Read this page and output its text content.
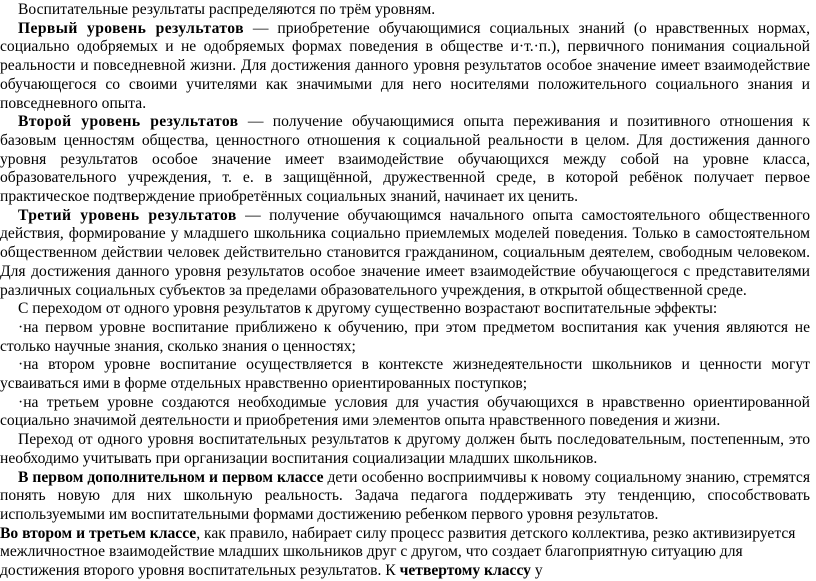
Воспитательные результаты распределяются по трём уровням.

Первый уровень результатов — приобретение обучающимися социальных знаний (о нравственных нормах, социально одобряемых и не одобряемых формах поведения в обществе и·т.·п.), первичного понимания социальной реальности и повседневной жизни. Для достижения данного уровня результатов особое значение имеет взаимодействие обучающегося со своими учителями как значимыми для него носителями положительного социального знания и повседневного опыта.

Второй уровень результатов — получение обучающимися опыта переживания и позитивного отношения к базовым ценностям общества, ценностного отношения к социальной реальности в целом. Для достижения данного уровня результатов особое значение имеет взаимодействие обучающихся между собой на уровне класса, образовательного учреждения, т. е. в защищённой, дружественной среде, в которой ребёнок получает первое практическое подтверждение приобретённых социальных знаний, начинает их ценить.

Третий уровень результатов — получение обучающимся начального опыта самостоятельного общественного действия, формирование у младшего школьника социально приемлемых моделей поведения. Только в самостоятельном общественном действии человек действительно становится гражданином, социальным деятелем, свободным человеком. Для достижения данного уровня результатов особое значение имеет взаимодействие обучающегося с представителями различных социальных субъектов за пределами образовательного учреждения, в открытой общественной среде.

С переходом от одного уровня результатов к другому существенно возрастают воспитательные эффекты:

·на первом уровне воспитание приближено к обучению, при этом предметом воспитания как учения являются не столько научные знания, сколько знания о ценностях;

·на втором уровне воспитание осуществляется в контексте жизнедеятельности школьников и ценности могут усваиваться ими в форме отдельных нравственно ориентированных поступков;

·на третьем уровне создаются необходимые условия для участия обучающихся в нравственно ориентированной социально значимой деятельности и приобретения ими элементов опыта нравственного поведения и жизни.

Переход от одного уровня воспитательных результатов к другому должен быть последовательным, постепенным, это необходимо учитывать при организации воспитания социализации младших школьников.

В первом дополнительном и первом классе дети особенно восприимчивы к новому социальному знанию, стремятся понять новую для них школьную реальность. Задача педагога поддерживать эту тенденцию, способствовать используемыми им воспитательными формами достижению ребенком первого уровня результатов.

Во втором и третьем классе, как правило, набирает силу процесс развития детского коллектива, резко активизируется межличностное взаимодействие младших школьников друг с другом, что создает благоприятную ситуацию для достижения второго уровня воспитательных результатов. К четвертому классу у
